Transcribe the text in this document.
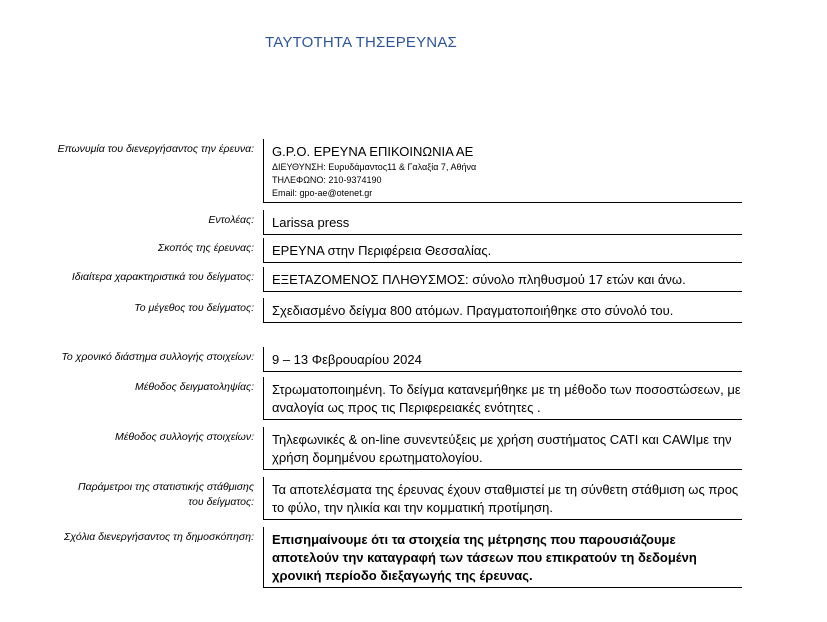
ΤΑΥΤΟΤΗΤΑ ΤΗΣΕΡΕΥΝΑΣ
Επωνυμία του διενεργήσαντος την έρευνα: G.P.O. ΕΡΕΥΝΑ ΕΠΙΚΟΙΝΩΝΙΑ ΑΕ
ΔΙΕΥΘΥΝΣΗ: Ευρυδάμαντος11 & Γαλαξία 7, Αθήνα
ΤΗΛΕΦΩΝΟ: 210-9374190
Email: gpo-ae@otenet.gr
Εντολέας:	Larissa press
Σκοπός της έρευνας:	ΕΡΕΥΝΑ στην Περιφέρεια Θεσσαλίας.
Ιδιαίτερα χαρακτηριστικά του δείγματος:	ΕΞΕΤΑΖΟΜΕΝΟΣ ΠΛΗΘΥΣΜΟΣ: σύνολο πληθυσμού 17 ετών και άνω.
Το μέγεθος του δείγματος:	Σχεδιασμένο δείγμα 800 ατόμων. Πραγματοποιήθηκε στο σύνολό του.
Το χρονικό διάστημα συλλογής στοιχείων:	9 – 13 Φεβρουαρίου 2024
Μέθοδος δειγματοληψίας:	Στρωματοποιημένη. Το δείγμα κατανεμήθηκε με τη μέθοδο των ποσοστώσεων, με αναλογία ως προς τις Περιφερειακές ενότητες .
Μέθοδος συλλογής στοιχείων:	Τηλεφωνικές & on-line συνεντεύξεις με χρήση συστήματος CATI και CAWIμε την χρήση δομημένου ερωτηματολογίου.
Παράμετροι της στατιστικής στάθμισης του δείγματος:
Τα αποτελέσματα της έρευνας έχουν σταθμιστεί με τη σύνθετη στάθμιση ως προς το φύλο, την ηλικία και την κομματική προτίμηση.
Σχόλια διενεργήσαντος τη δημοσκόπηση:	Επισημαίνουμε ότι τα στοιχεία της μέτρησης που παρουσιάζουμε αποτελούν την καταγραφή των τάσεων που επικρατούν τη δεδομένη χρονική περίοδο διεξαγωγής της έρευνας.
